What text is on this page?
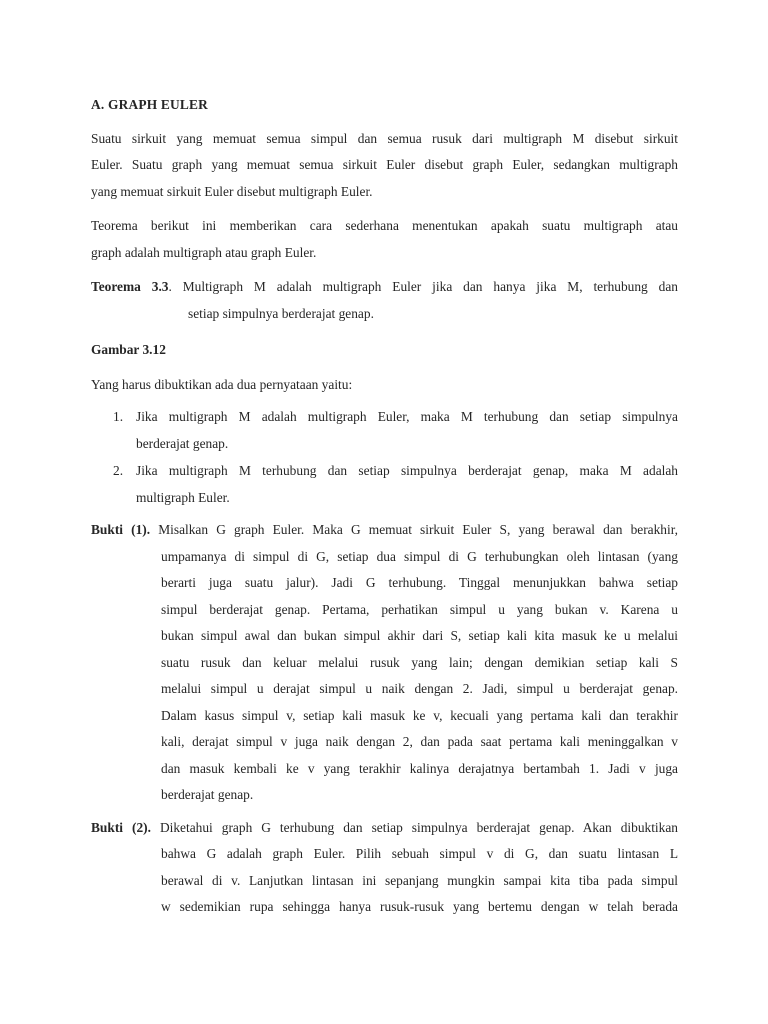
A. GRAPH EULER

Suatu sirkuit yang memuat semua simpul dan semua rusuk dari multigraph M disebut sirkuit
Euler. Suatu graph yang memuat semua sirkuit Euler disebut graph Euler, sedangkan multigraph
yang memuat sirkuit Euler disebut multigraph Euler.

Teorema berikut ini memberikan cara sederhana menentukan apakah suatu multigraph atau
graph adalah multigraph atau graph Euler.

Teorema 3.3. Multigraph M adalah multigraph Euler jika dan hanya jika M, terhubung dan
setiap simpulnya berderajat genap.
Gambar 3.12
Yang harus dibuktikan ada dua pernyataan yaitu:
1. Jika multigraph M adalah multigraph Euler, maka M terhubung dan setiap simpulnya
berderajat genap.
2. Jika multigraph M terhubung dan setiap simpulnya berderajat genap, maka M adalah
multigraph Euler.
Bukti (1). Misalkan G graph Euler. Maka G memuat sirkuit Euler S, yang berawal dan berakhir,
umpamanya di simpul di G, setiap dua simpul di G terhubungkan oleh lintasan (yang
berarti juga suatu jalur). Jadi G terhubung. Tinggal menunjukkan bahwa setiap
simpul berderajat genap. Pertama, perhatikan simpul u yang bukan v. Karena u
bukan simpul awal dan bukan simpul akhir dari S, setiap kali kita masuk ke u melalui
suatu rusuk dan keluar melalui rusuk yang lain; dengan demikian setiap kali S
melalui simpul u derajat simpul u naik dengan 2. Jadi, simpul u berderajat genap.
Dalam kasus simpul v, setiap kali masuk ke v, kecuali yang pertama kali dan terakhir
kali, derajat simpul v juga naik dengan 2, dan pada saat pertama kali meninggalkan v
dan masuk kembali ke v yang terakhir kalinya derajatnya bertambah 1. Jadi v juga
berderajat genap.
Bukti (2). Diketahui graph G terhubung dan setiap simpulnya berderajat genap. Akan dibuktikan
bahwa G adalah graph Euler. Pilih sebuah simpul v di G, dan suatu lintasan L
berawal di v. Lanjutkan lintasan ini sepanjang mungkin sampai kita tiba pada simpul
w sedemikian rupa sehingga hanya rusuk-rusuk yang bertemu dengan w telah berada
